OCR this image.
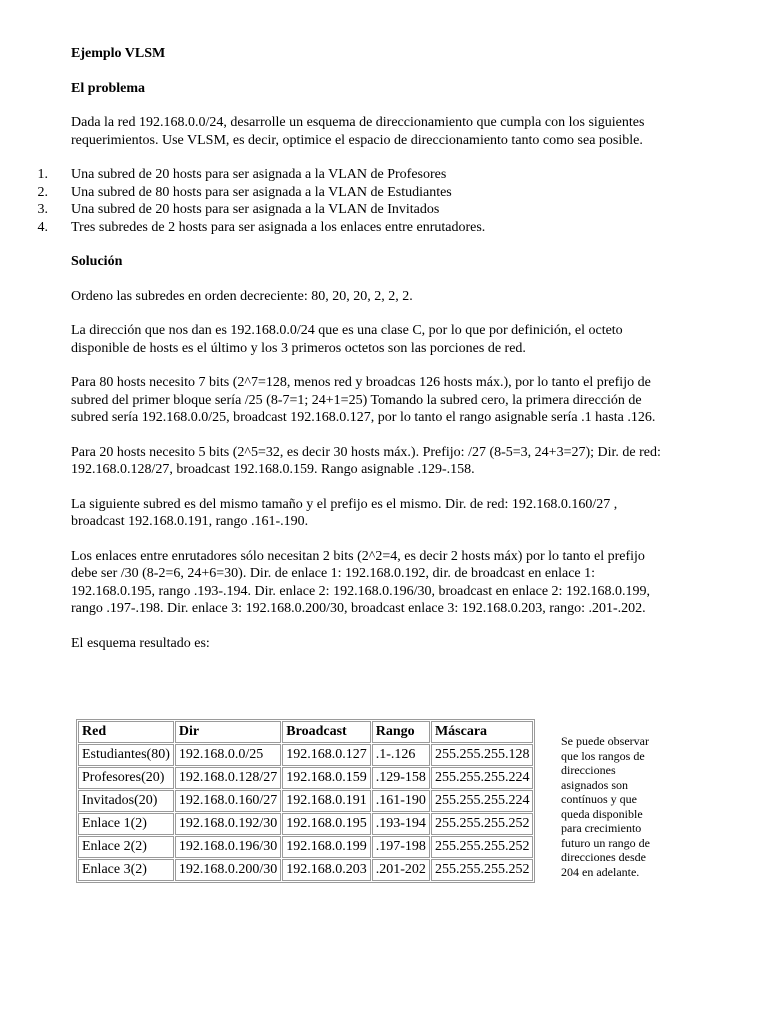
Ejemplo VLSM

El problema

Dada la red 192.168.0.0/24, desarrolle un esquema de direccionamiento que cumpla con los siguientes requerimientos. Use VLSM, es decir, optimice el espacio de direccionamiento tanto como sea posible.

1. Una subred de 20 hosts para ser asignada a la VLAN de Profesores
2. Una subred de 80 hosts para ser asignada a la VLAN de Estudiantes
3. Una subred de 20 hosts para ser asignada a la VLAN de Invitados
4. Tres subredes de 2 hosts para ser asignada a los enlaces entre enrutadores.

Solución

Ordeno las subredes en orden decreciente: 80, 20, 20, 2, 2, 2.

La dirección que nos dan es 192.168.0.0/24 que es una clase C, por lo que por definición, el octeto disponible de hosts es el último y los 3 primeros octetos son las porciones de red.

Para 80 hosts necesito 7 bits (2^7=128, menos red y broadcas 126 hosts máx.), por lo tanto el prefijo de subred del primer bloque sería /25 (8-7=1; 24+1=25) Tomando la subred cero, la primera dirección de subred sería 192.168.0.0/25, broadcast 192.168.0.127, por lo tanto el rango asignable sería .1 hasta .126.

Para 20 hosts necesito 5 bits (2^5=32, es decir 30 hosts máx.). Prefijo: /27 (8-5=3, 24+3=27); Dir. de red: 192.168.0.128/27, broadcast 192.168.0.159. Rango asignable .129-.158.

La siguiente subred es del mismo tamaño y el prefijo es el mismo. Dir. de red: 192.168.0.160/27 , broadcast 192.168.0.191, rango .161-.190.

Los enlaces entre enrutadores sólo necesitan 2 bits (2^2=4, es decir 2 hosts máx) por lo tanto el prefijo debe ser /30 (8-2=6, 24+6=30). Dir. de enlace 1: 192.168.0.192, dir. de broadcast en enlace 1: 192.168.0.195, rango .193-.194. Dir. enlace 2: 192.168.0.196/30, broadcast en enlace 2: 192.168.0.199, rango .197-.198. Dir. enlace 3: 192.168.0.200/30, broadcast enlace 3: 192.168.0.203, rango: .201-.202.

El esquema resultado es:

Red	Dir	Broadcast	Rango	Máscara
Estudiantes(80)	192.168.0.0/25	192.168.0.127	.1-.126	255.255.255.128
Profesores(20)	192.168.0.128/27	192.168.0.159	.129-158	255.255.255.224
Invitados(20)	192.168.0.160/27	192.168.0.191	.161-190	255.255.255.224
Enlace 1(2)	192.168.0.192/30	192.168.0.195	.193-194	255.255.255.252
Enlace 2(2)	192.168.0.196/30	192.168.0.199	.197-198	255.255.255.252
Enlace 3(2)	192.168.0.200/30	192.168.0.203	.201-202	255.255.255.252

Se puede observar que los rangos de direcciones asignados son contínuos y que queda disponible para crecimiento futuro un rango de direcciones desde 204 en adelante.
